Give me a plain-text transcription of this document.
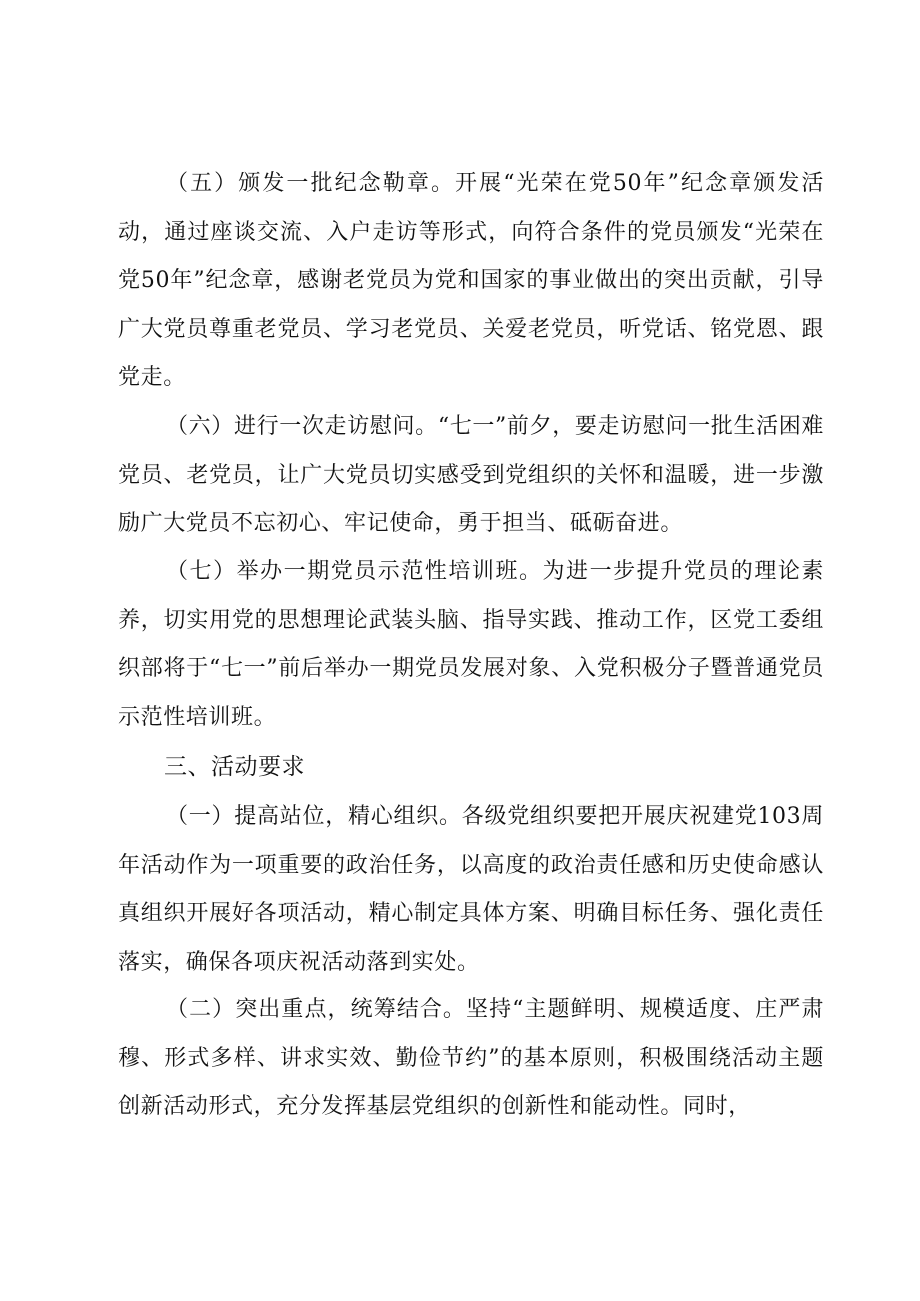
（五）颁发一批纪念勒章。开展“光荣在党50年”纪念章颁发活动，通过座谈交流、入户走访等形式，向符合条件的党员颁发“光荣在党50年”纪念章，感谢老党员为党和国家的事业做出的突出贡献，引导广大党员尊重老党员、学习老党员、关爱老党员，听党话、铭党恩、跟党走。

（六）进行一次走访慰问。“七一”前夕，要走访慰问一批生活困难党员、老党员，让广大党员切实感受到党组织的关怀和温暖，进一步激励广大党员不忘初心、牢记使命，勇于担当、砥砺奋进。

（七）举办一期党员示范性培训班。为进一步提升党员的理论素养，切实用党的思想理论武装头脑、指导实践、推动工作，区党工委组织部将于“七一”前后举办一期党员发展对象、入党积极分子暨普通党员示范性培训班。

三、活动要求

（一）提高站位，精心组织。各级党组织要把开展庆祝建党103周年活动作为一项重要的政治任务，以高度的政治责任感和历史使命感认真组织开展好各项活动，精心制定具体方案、明确目标任务、强化责任落实，确保各项庆祝活动落到实处。

（二）突出重点，统筹结合。坚持“主题鲜明、规模适度、庄严肃穆、形式多样、讲求实效、勤俭节约”的基本原则，积极围绕活动主题创新活动形式，充分发挥基层党组织的创新性和能动性。同时，
